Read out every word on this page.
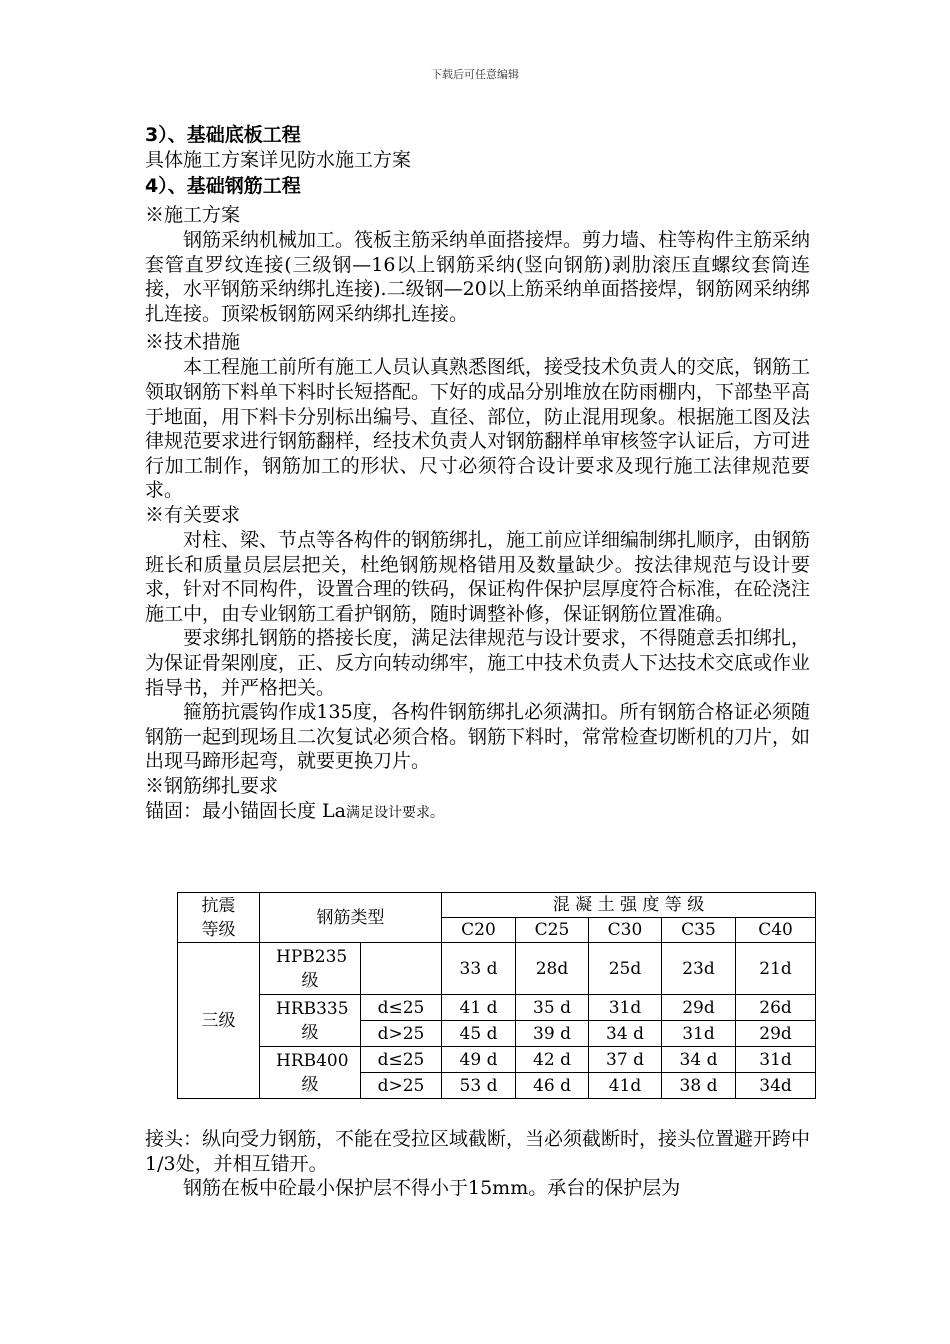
下载后可任意编辑

3）、基础底板工程

具体施工方案详见防水施工方案

4）、基础钢筋工程

※施工方案

钢筋采纳机械加工。筏板主筋采纳单面搭接焊。剪力墙、柱等构件主筋采纳套管直罗纹连接(三级钢—16以上钢筋采纳(竖向钢筋)剥肋滚压直螺纹套筒连接，水平钢筋采纳绑扎连接).二级钢—20以上筋采纳单面搭接焊，钢筋网采纳绑扎连接。顶梁板钢筋网采纳绑扎连接。

※技术措施

本工程施工前所有施工人员认真熟悉图纸，接受技术负责人的交底，钢筋工领取钢筋下料单下料时长短搭配。下好的成品分别堆放在防雨棚内，下部垫平高于地面，用下料卡分别标出编号、直径、部位，防止混用现象。根据施工图及法律规范要求进行钢筋翻样，经技术负责人对钢筋翻样单审核签字认证后，方可进行加工制作，钢筋加工的形状、尺寸必须符合设计要求及现行施工法律规范要求。

※有关要求

对柱、梁、节点等各构件的钢筋绑扎，施工前应详细编制绑扎顺序，由钢筋班长和质量员层层把关，杜绝钢筋规格错用及数量缺少。按法律规范与设计要求，针对不同构件，设置合理的铁码，保证构件保护层厚度符合标准，在砼浇注施工中，由专业钢筋工看护钢筋，随时调整补修，保证钢筋位置准确。

要求绑扎钢筋的搭接长度，满足法律规范与设计要求，不得随意丢扣绑扎，为保证骨架刚度，正、反方向转动绑牢，施工中技术负责人下达技术交底或作业指导书，并严格把关。

箍筋抗震钩作成135度，各构件钢筋绑扎必须满扣。所有钢筋合格证必须随钢筋一起到现场且二次复试必须合格。钢筋下料时，常常检查切断机的刀片，如出现马蹄形起弯，就要更换刀片。

※钢筋绑扎要求

锚固：最小锚固长度 La满足设计要求。

抗震等级	钢筋类型		混 凝 土 强 度 等 级				
			C20	C25	C30	C35	C40
三级	HPB235级		33 d	28d	25d	23d	21d
	HRB335级	d≤25	41 d	35 d	31d	29d	26d
		d>25	45 d	39 d	34 d	31d	29d
	HRB400级	d≤25	49 d	42 d	37 d	34 d	31d
		d>25	53 d	46 d	41d	38 d	34d

接头：纵向受力钢筋，不能在受拉区域截断，当必须截断时，接头位置避开跨中1/3处，并相互错开。

钢筋在板中砼最小保护层不得小于15mm。承台的保护层为
